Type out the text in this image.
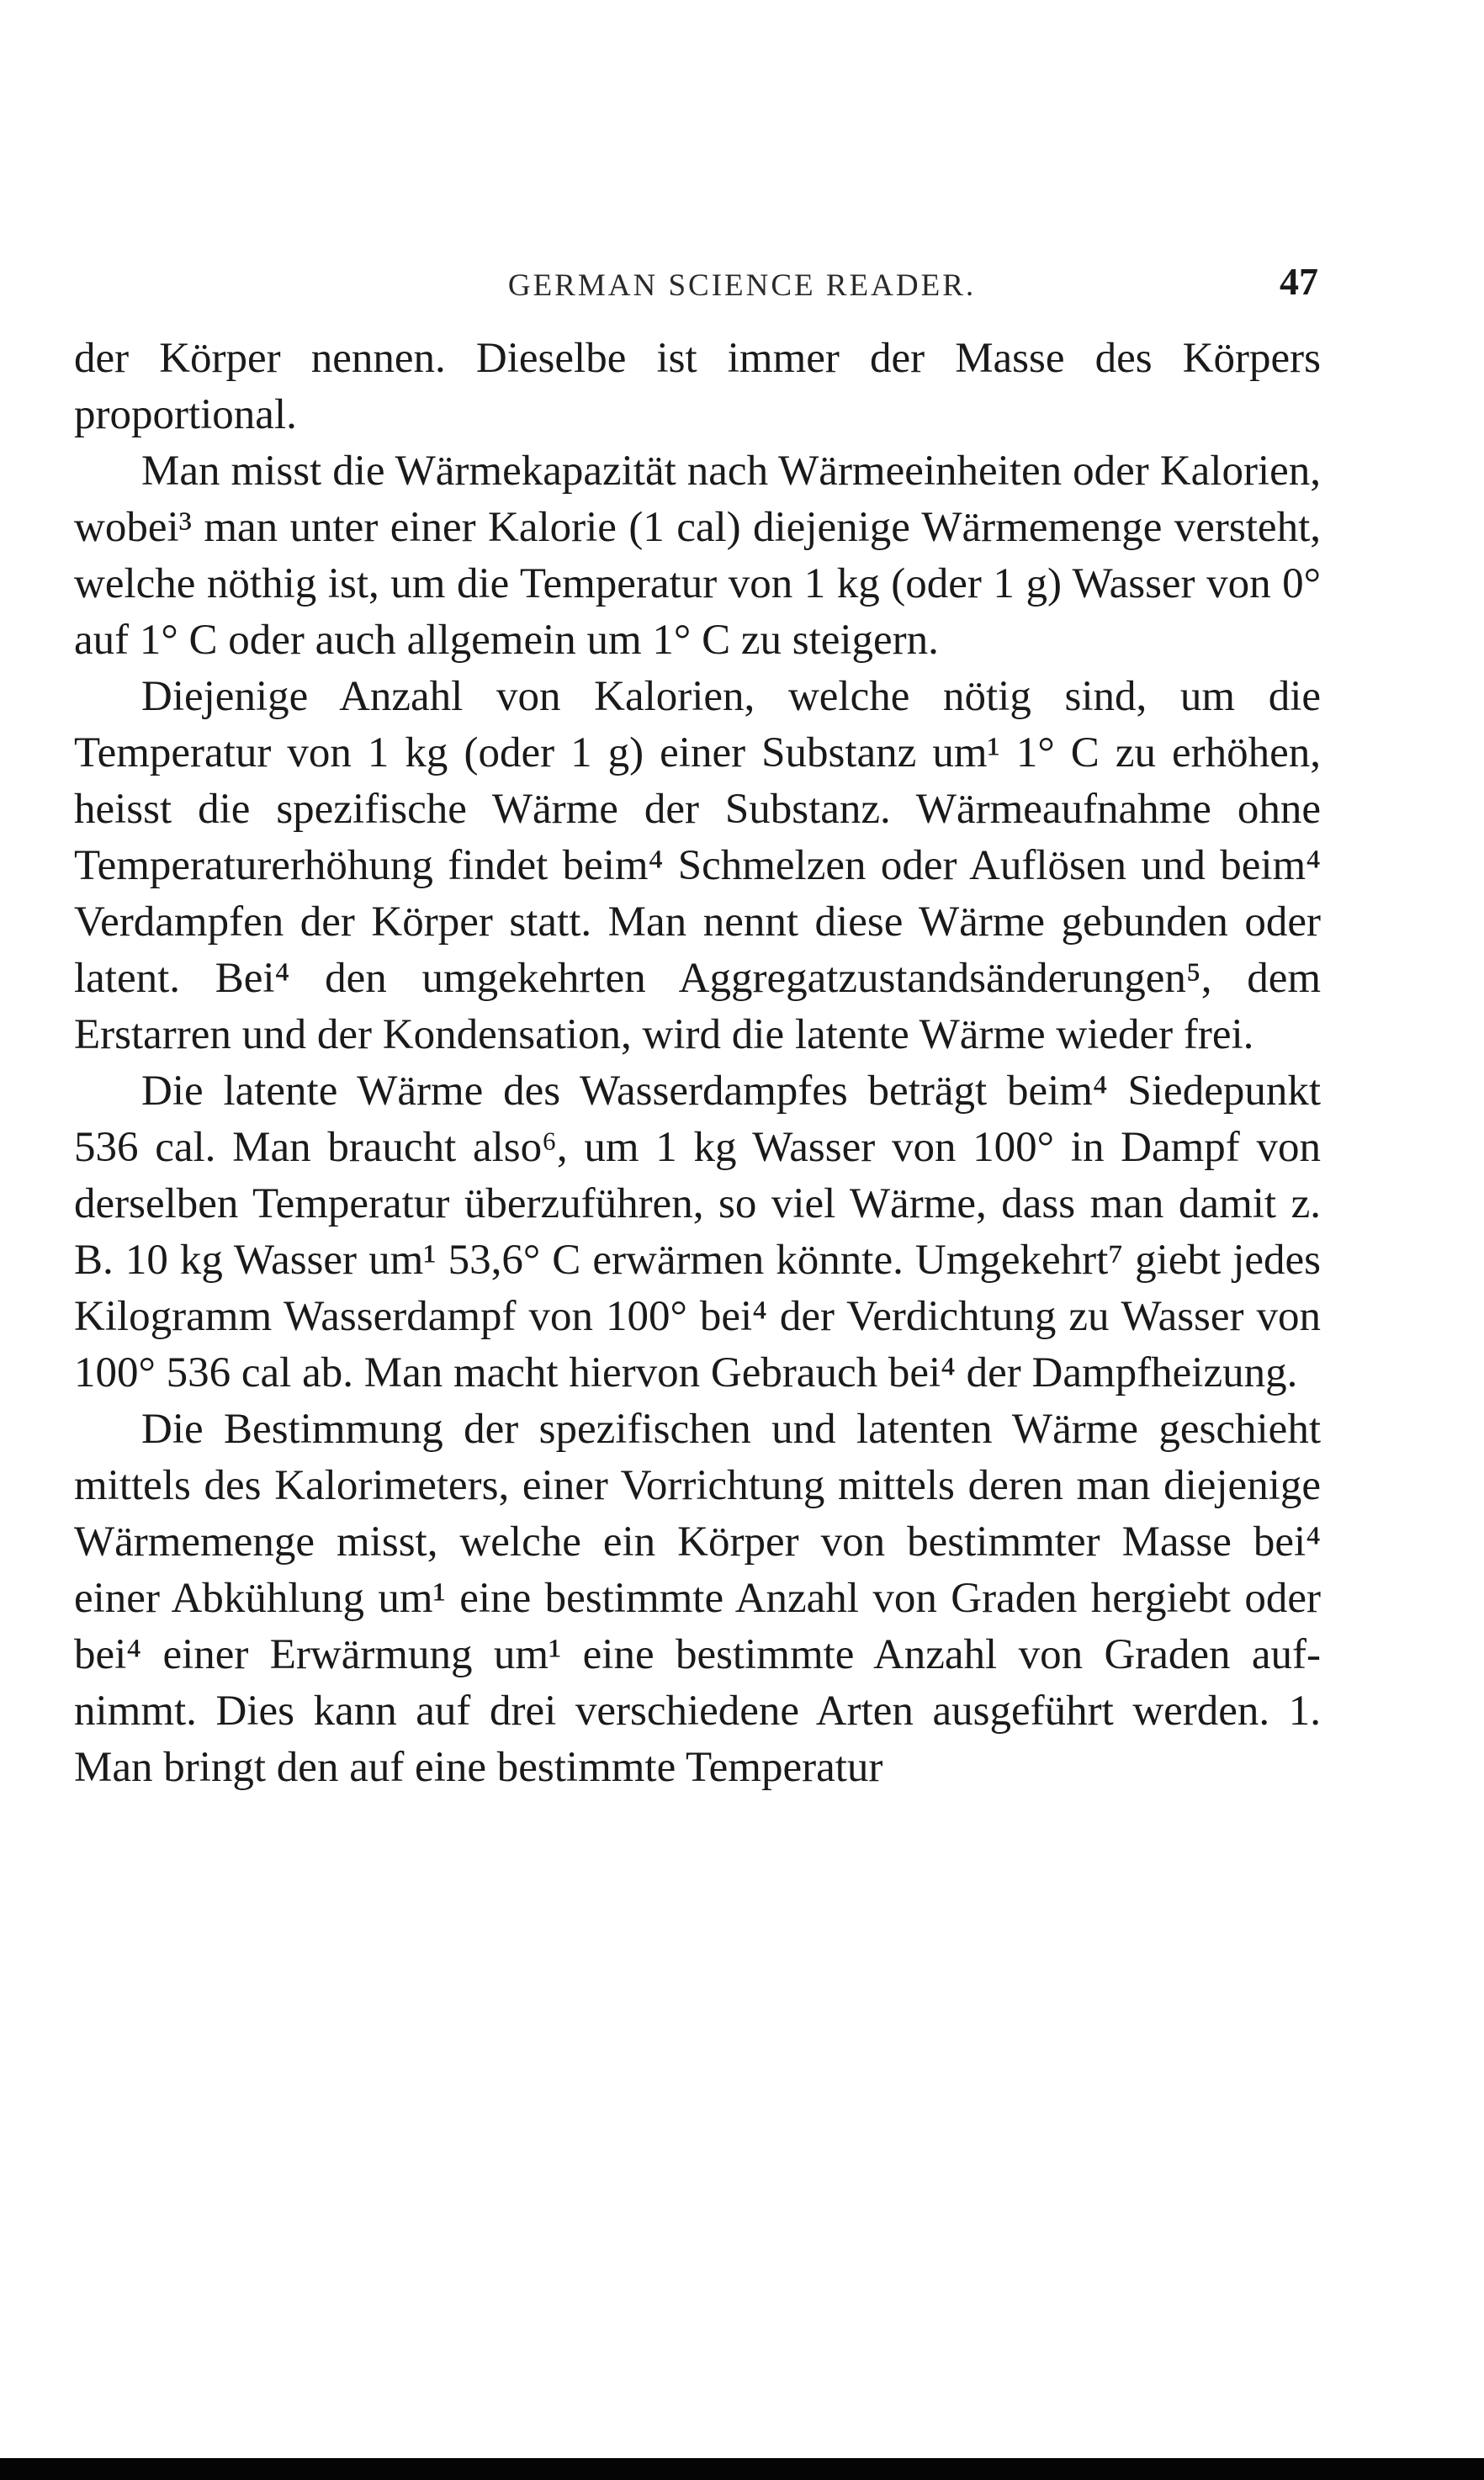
GERMAN SCIENCE READER.	47

der Körper nennen. Dieselbe ist immer der Masse des Körpers proportional.

Man misst die Wärmekapazität nach Wärmeeinheiten oder Kalorien, wobei³ man unter einer Kalorie (1 cal) diejenige Wärmemenge versteht, welche nöthig ist, um die Temperatur von 1 kg (oder 1 g) Wasser von 0° auf 1° C oder auch allgemein um 1° C zu steigern.

Diejenige Anzahl von Kalorien, welche nötig sind, um die Temperatur von 1 kg (oder 1 g) einer Substanz um¹ 1° C zu erhöhen, heisst die spezifische Wärme der Substanz. Wärmeaufnahme ohne Temperaturerhöhung findet beim⁴ Schmelzen oder Auflösen und beim⁴ Verdampfen der Körper statt. Man nennt diese Wärme gebunden oder latent. Bei⁴ den umgekehrten Aggregatzustandsänderungen⁵, dem Erstarren und der Kondensation, wird die latente Wärme wieder frei.

Die latente Wärme des Wasserdampfes beträgt beim⁴ Siedepunkt 536 cal. Man braucht also⁶, um 1 kg Wasser von 100° in Dampf von derselben Temperatur überzuführen, so viel Wärme, dass man damit z. B. 10 kg Wasser um¹ 53,6° C erwärmen könnte. Umgekehrt⁷ giebt jedes Kilogramm Wasserdampf von 100° bei⁴ der Verdichtung zu Wasser von 100° 536 cal ab. Man macht hiervon Gebrauch bei⁴ der Dampfheizung.

Die Bestimmung der spezifischen und latenten Wärme geschieht mittels des Kalorimeters, einer Vorrichtung mittels deren man diejenige Wärmemenge misst, welche ein Körper von bestimmter Masse bei⁴ einer Abkühlung um¹ eine bestimmte Anzahl von Graden hergiebt oder bei⁴ einer Erwärmung um¹ eine bestimmte Anzahl von Graden aufnimmt. Dies kann auf drei verschiedene Arten ausgeführt werden. 1. Man bringt den auf eine bestimmte Temperatur
